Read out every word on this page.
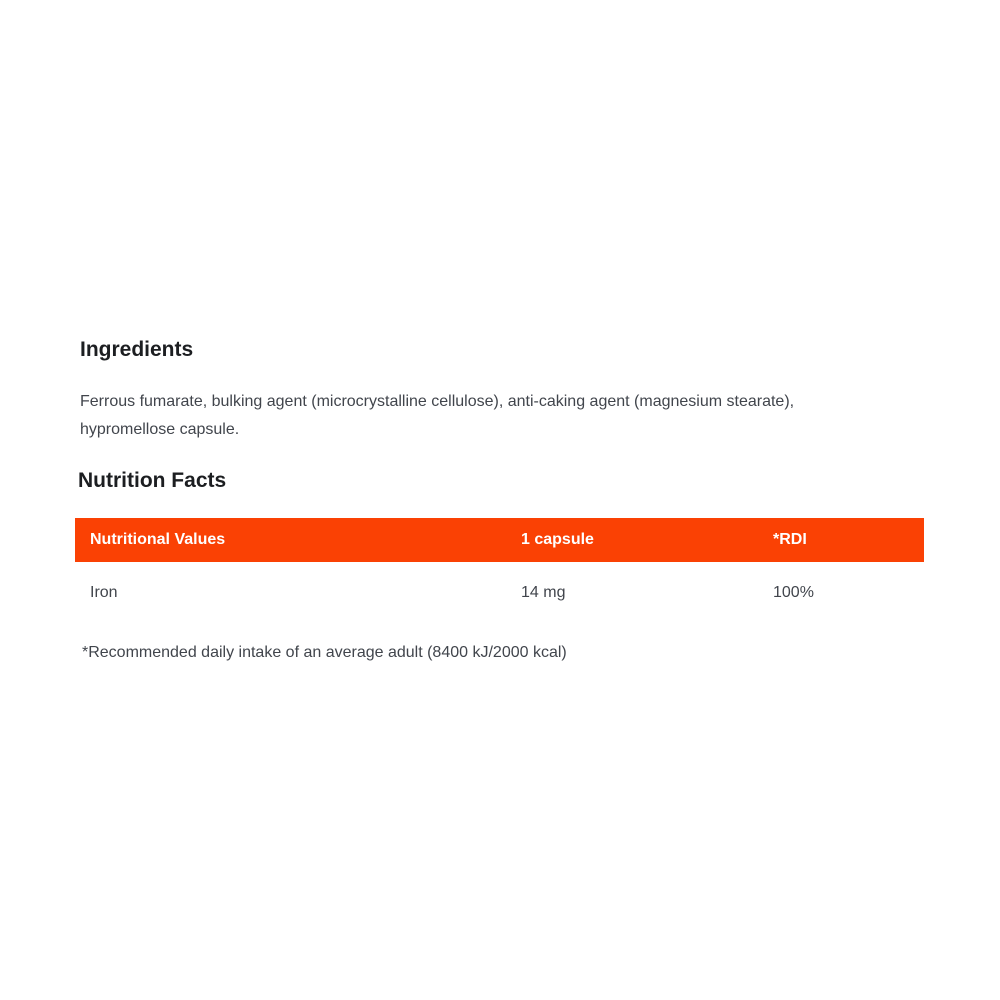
Ingredients

Ferrous fumarate, bulking agent (microcrystalline cellulose), anti-caking agent (magnesium stearate),
hypromellose capsule.

Nutrition Facts
Nutritional Values	1 capsule	*RDI
Iron	14 mg	100%

*Recommended daily intake of an average adult (8400 kJ/2000 kcal)
